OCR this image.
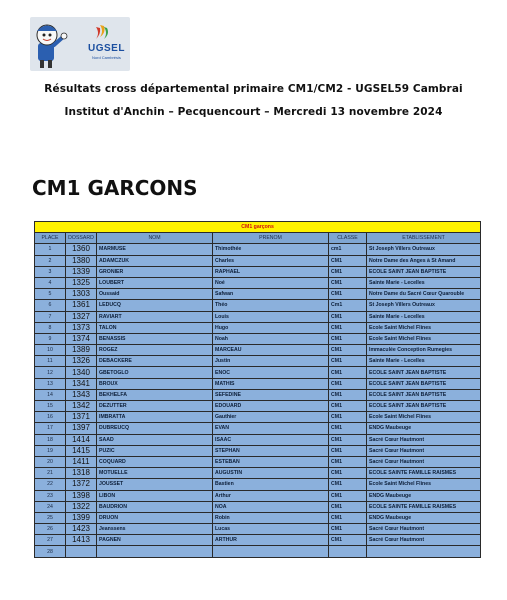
UGSEL
Nord Cambrésis
Résultats cross départemental primaire CM1/CM2 - UGSEL59 Cambrai
Institut d'Anchin – Pecquencourt – Mercredi 13 novembre 2024
CM1 GARCONS
CM1 garçons					
PLACE	DOSSARD	NOM	PRENOM	CLASSE	ETABLISSEMENT
1	1360	MARMUSE	Thimothée	cm1	St Joseph Villers Outreaux
2	1380	ADAMCZUK	Charles	CM1	Notre Dame des Anges à St Amand
3	1339	GRONIER	RAPHAEL	CM1	ECOLE SAINT JEAN BAPTISTE
4	1325	LOUBERT	Noé	CM1	Sainte Marie - Lecelles
5	1303	Oussaid	Safwan	CM1	Notre Dame du Sacré Cœur Quarouble
6	1361	LEDUCQ	Théo	Cm1	St Joseph Villers Outreaux
7	1327	RAVIART	Louis	CM1	Sainte Marie - Lecelles
8	1373	TALON	Hugo	CM1	Ecole Saint Michel Flines
9	1374	BENASSIS	Noah	CM1	Ecole Saint Michel Flines
10	1389	ROGEZ	MARCEAU	CM1	Immaculée Conception Rumegies
11	1326	DEBACKERE	Justin	CM1	Sainte Marie - Lecelles
12	1340	GBETOGLO	ENOC	CM1	ECOLE SAINT JEAN BAPTISTE
13	1341	BROUX	MATHIS	CM1	ECOLE SAINT JEAN BAPTISTE
14	1343	BEKHELFA	SEFEDINE	CM1	ECOLE SAINT JEAN BAPTISTE
15	1342	DEZUTTER	EDOUARD	CM1	ECOLE SAINT JEAN BAPTISTE
16	1371	IMBRATTA	Gauthier	CM1	Ecole Saint Michel Flines
17	1397	DUBREUCQ	EVAN	CM1	ENDG Maubeuge
18	1414	SAAD	ISAAC	CM1	Sacré Cœur Hautmont
19	1415	PUZIC	STEPHAN	CM1	Sacré Cœur Hautmont
20	1411	COQUARD	ESTEBAN	CM1	Sacré Cœur Hautmont
21	1318	MOTUELLE	AUGUSTIN	CM1	ECOLE SAINTE FAMILLE RAISMES
22	1372	JOUSSET	Bastien	CM1	Ecole Saint Michel Flines
23	1398	LIBON	Arthur	CM1	ENDG Maubeuge
24	1322	BAUDRION	NOA	CM1	ECOLE SAINTE FAMILLE RAISMES
25	1399	DRUON	Robin	CM1	ENDG Maubeuge
26	1423	Jeanssens	Lucas	CM1	Sacré Cœur Hautmont
27	1413	PAGNEN	ARTHUR	CM1	Sacré Cœur Hautmont
28					
